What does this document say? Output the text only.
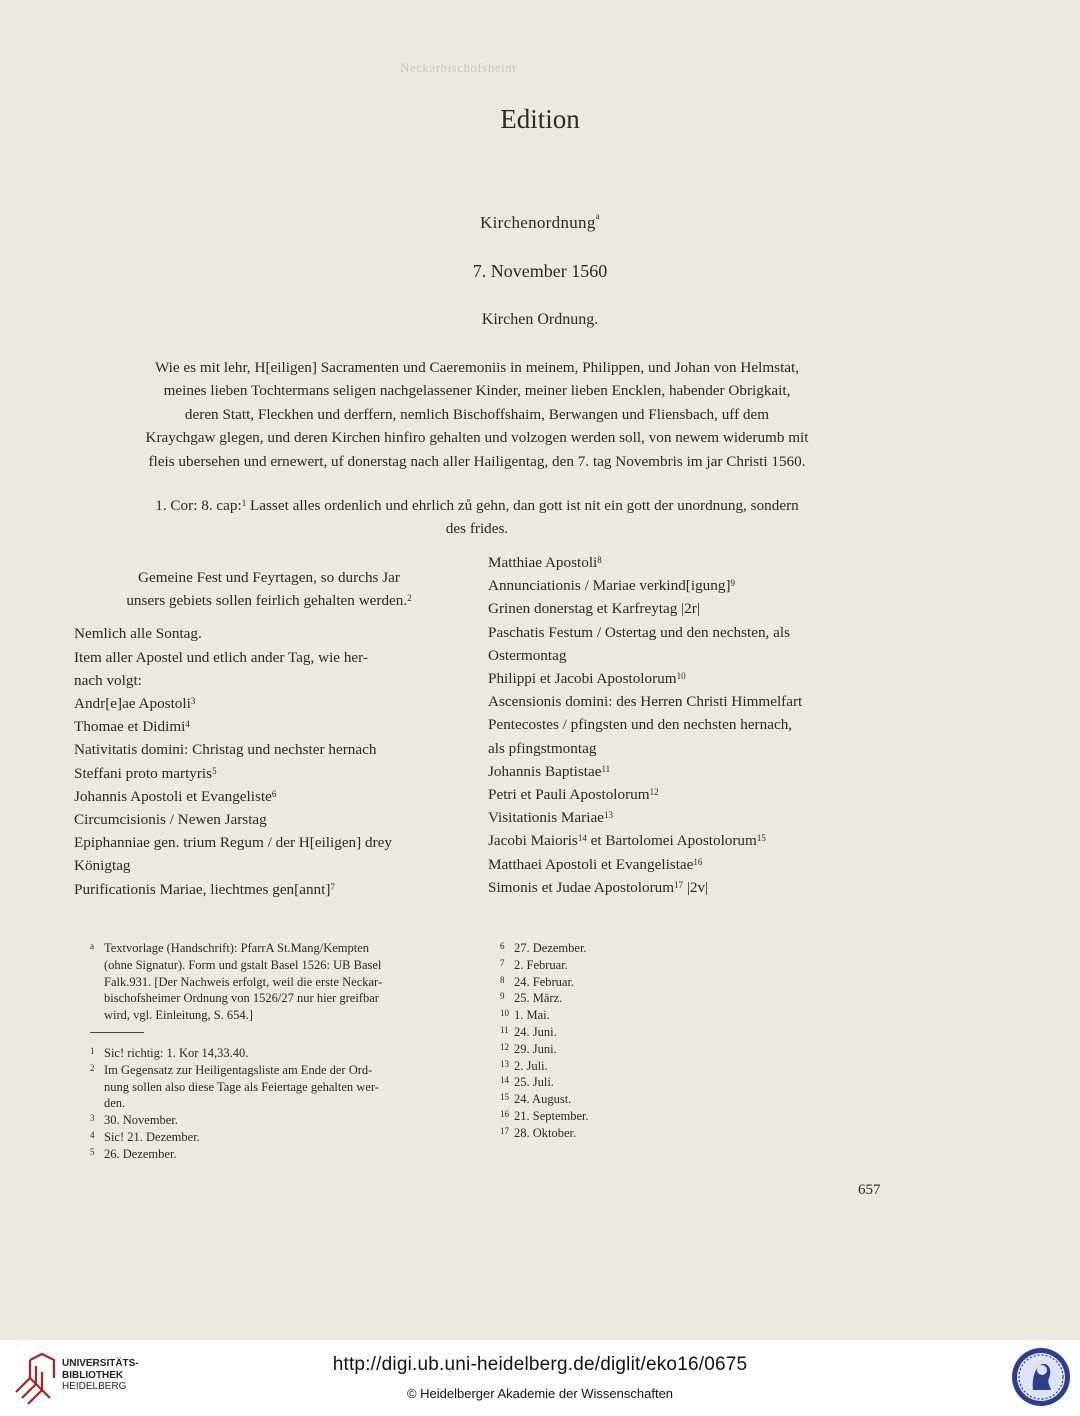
Neckarbischofsheim
Edition
Kirchenordnung$^a$
7. November 1560
Kirchen Ordnung.
Wie es mit lehr, H[eiligen] Sacramenten und Caeremoniis in meinem, Philippen, und Johan von Helmstat,
meines lieben Tochtermans seligen nachgelassener Kinder, meiner lieben Encklen, habender Obrigkait,
deren Statt, Fleckhen und derffern, nemlich Bischoffshaim, Berwangen und Fliensbach, uff dem
Kraychgaw glegen, und deren Kirchen hinfiro gehalten und volzogen werden soll, von newem widerumb mit
fleis ubersehen und ernewert, uf donerstag nach aller Hailigentag, den 7. tag Novembris im jar Christi 1560.
1. Cor: 8. cap:$^1$ Lasset alles ordenlich und ehrlich zů gehn, dan gott ist nit ein gott der unordnung, sondern
des frides.
Gemeine Fest und Feyrtagen, so durchs Jar
unsers gebiets sollen feirlich gehalten werden.$^2$
Nemlich alle Sontag.
Item aller Apostel und etlich ander Tag, wie her-
nach volgt:
Andr[e]ae Apostoli$^3$
Thomae et Didimi$^4$
Nativitatis domini: Christag und nechster hernach
Steffani proto martyris$^5$
Johannis Apostoli et Evangeliste$^6$
Circumcisionis / Newen Jarstag
Epiphanniae gen. trium Regum / der H[eiligen] drey
Königtag
Purificationis Mariae, liechtmes gen[annt]$^7$
Matthiae Apostoli$^8$
Annunciationis / Mariae verkind[igung]$^9$
Grinen donerstag et Karfreytag |2r|
Paschatis Festum / Ostertag und den nechsten, als
Ostermontag
Philippi et Jacobi Apostolorum$^{10}$
Ascensionis domini: des Herren Christi Himmelfart
Pentecostes / pfingsten und den nechsten hernach,
als pfingstmontag
Johannis Baptistae$^{11}$
Petri et Pauli Apostolorum$^{12}$
Visitationis Mariae$^{13}$
Jacobi Maioris$^{14}$ et Bartolomei Apostolorum$^{15}$
Matthaei Apostoli et Evangelistae$^{16}$
Simonis et Judae Apostolorum$^{17}$ |2v|
a Textvorlage (Handschrift): PfarrA St.Mang/Kempten
(ohne Signatur). Form und gstalt Basel 1526: UB Basel
Falk.931. [Der Nachweis erfolgt, weil die erste Neckar-
bischofsheimer Ordnung von 1526/27 nur hier greifbar
wird, vgl. Einleitung, S. 654.]
1 Sic! richtig: 1. Kor 14,33.40.
2 Im Gegensatz zur Heiligentagsliste am Ende der Ord-
nung sollen also diese Tage als Feiertage gehalten wer-
den.
3 30. November.
4 Sic! 21. Dezember.
5 26. Dezember.
6 27. Dezember.
7 2. Februar.
8 24. Februar.
9 25. März.
10 1. Mai.
11 24. Juni.
12 29. Juni.
13 2. Juli.
14 25. Juli.
15 24. August.
16 21. September.
17 28. Oktober.
657
UNIVERSITÄTS-
BIBLIOTHEK
HEIDELBERG
http://digi.ub.uni-heidelberg.de/diglit/eko16/0675
© Heidelberger Akademie der Wissenschaften
